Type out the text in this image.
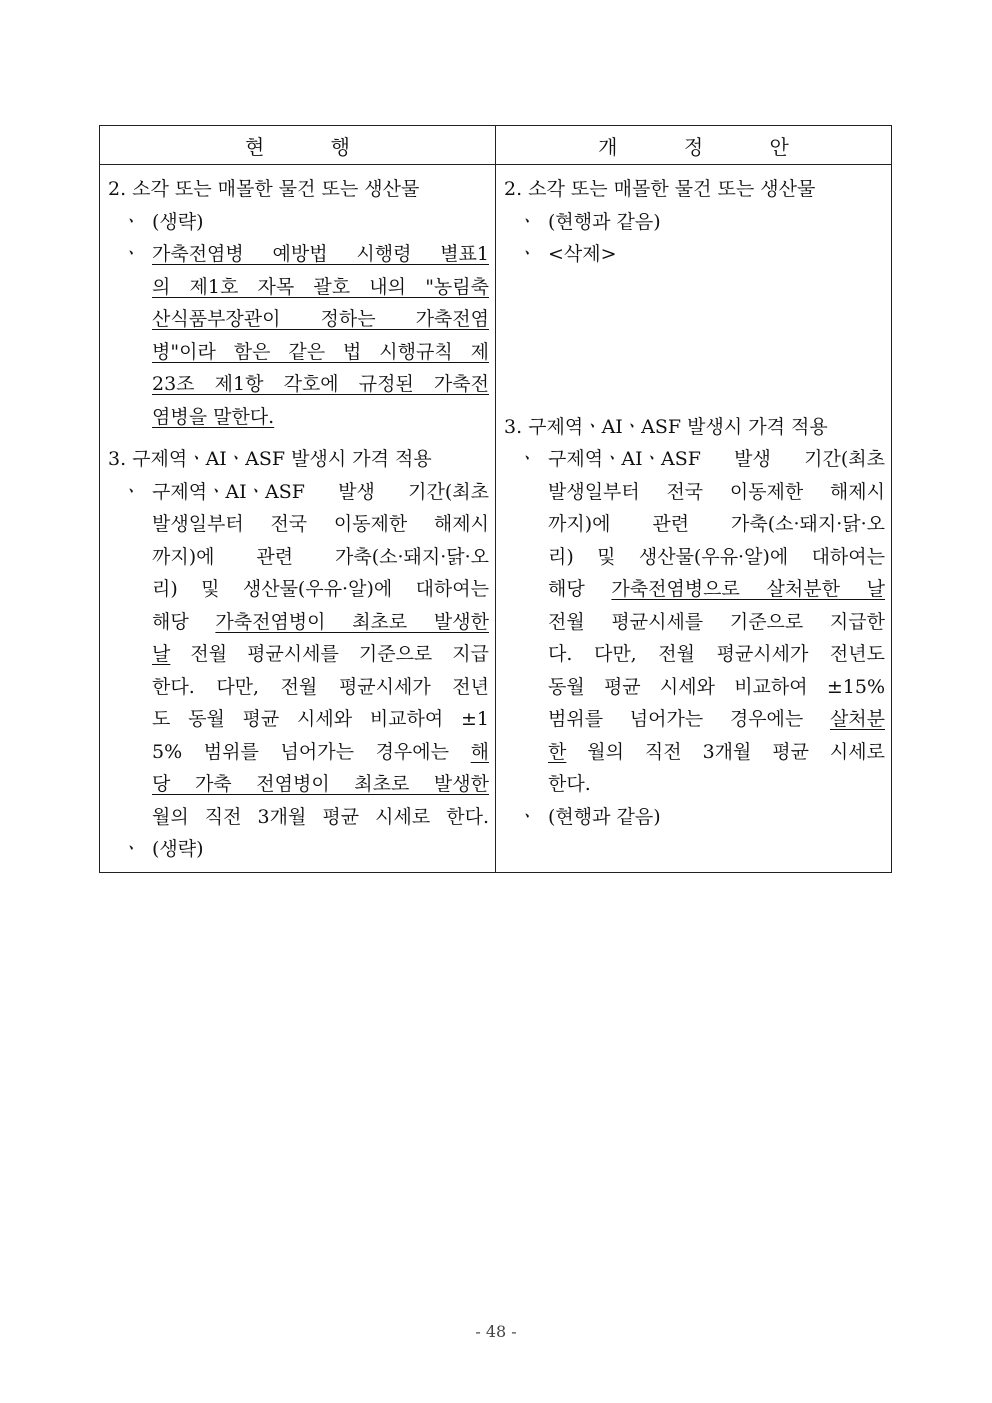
현 행	개 정 안

2. 소각 또는 매몰한 물건 또는 생산물

ㆍ (생략)
ㆍ 가축전염병 예방법 시행령 별표1
의 제1호 자목 괄호 내의 "농림축
산식품부장관이 정하는 가축전염
병"이라 함은 같은 법 시행규칙 제
23조 제1항 각호에 규정된 가축전
염병을 말한다.

3. 구제역ㆍAIㆍASF 발생시 가격 적용

ㆍ 구제역ㆍAIㆍASF 발생 기간(최초
발생일부터 전국 이동제한 해제시
까지)에 관련 가축(소·돼지·닭·오
리) 및 생산물(우유·알)에 대하여는
해당 가축전염병이 최초로 발생한
날 전월 평균시세를 기준으로 지급
한다. 다만, 전월 평균시세가 전년
도 동월 평균 시세와 비교하여 ±1
5% 범위를 넘어가는 경우에는 해
당 가축 전염병이 최초로 발생한
월의 직전 3개월 평균 시세로 한다.
ㆍ (생략)

2. 소각 또는 매몰한 물건 또는 생산물

ㆍ (현행과 같음)
ㆍ <삭제>

3. 구제역ㆍAIㆍASF 발생시 가격 적용

ㆍ 구제역ㆍAIㆍASF 발생 기간(최초
발생일부터 전국 이동제한 해제시
까지)에 관련 가축(소·돼지·닭·오
리) 및 생산물(우유·알)에 대하여는
해당 가축전염병으로 살처분한 날
전월 평균시세를 기준으로 지급한
다. 다만, 전월 평균시세가 전년도
동월 평균 시세와 비교하여 ±15%
범위를 넘어가는 경우에는 살처분
한 월의 직전 3개월 평균 시세로
한다.
ㆍ (현행과 같음)
- 48 -
